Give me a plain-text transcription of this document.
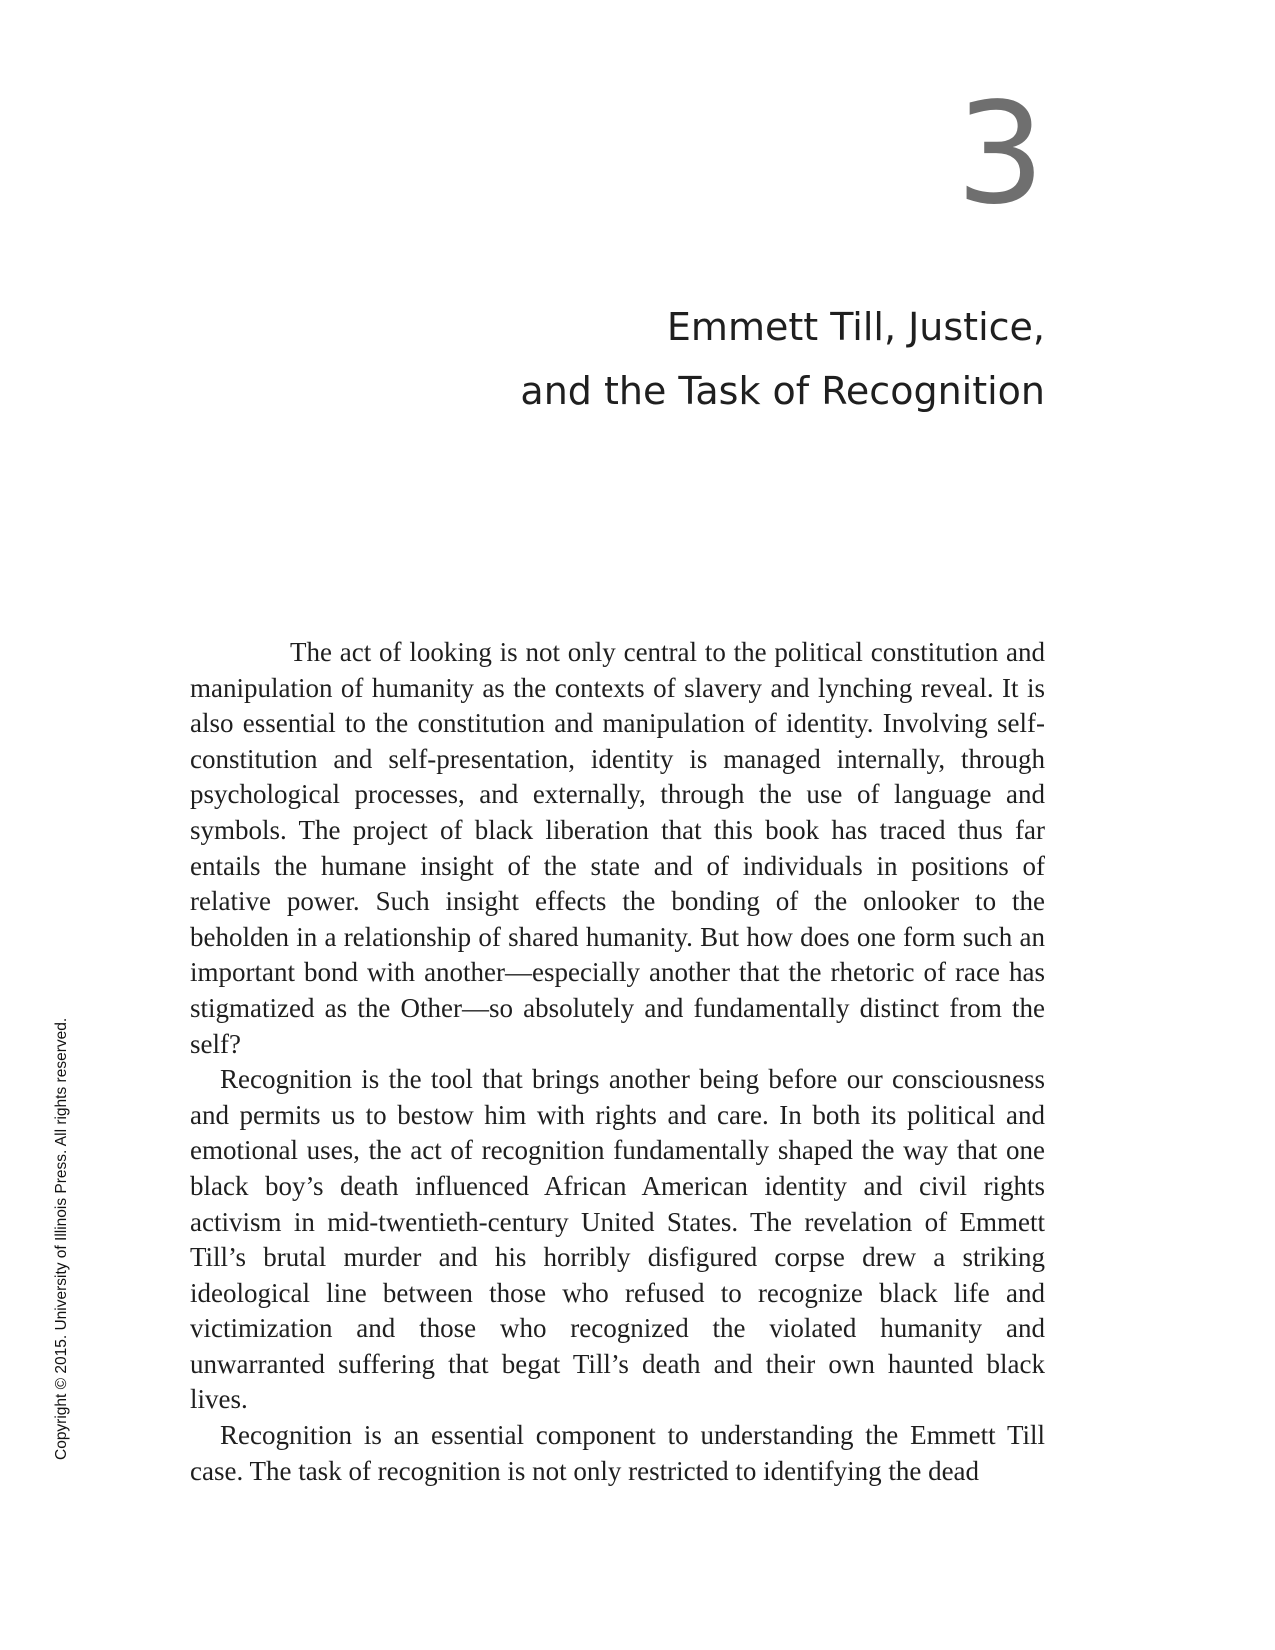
3
Emmett Till, Justice,
and the Task of Recognition

The act of looking is not only central to the political constitution and manipulation of humanity as the contexts of slavery and lynching reveal. It is also essential to the constitution and manipulation of identity. Involving self-constitution and self-presentation, identity is managed internally, through psychological processes, and externally, through the use of language and symbols. The project of black liberation that this book has traced thus far entails the humane insight of the state and of individuals in positions of relative power. Such insight effects the bonding of the onlooker to the beholden in a relationship of shared humanity. But how does one form such an important bond with another—especially another that the rhetoric of race has stigmatized as the Other—so absolutely and fundamentally distinct from the self?

Recognition is the tool that brings another being before our consciousness and permits us to bestow him with rights and care. In both its political and emotional uses, the act of recognition fundamentally shaped the way that one black boy’s death influenced African American identity and civil rights activism in mid-twentieth-century United States. The revelation of Emmett Till’s brutal murder and his horribly disfigured corpse drew a striking ideological line between those who refused to recognize black life and victimization and those who recognized the violated humanity and unwarranted suffering that begat Till’s death and their own haunted black lives.

Recognition is an essential component to understanding the Emmett Till case. The task of recognition is not only restricted to identifying the dead

Copyright © 2015. University of Illinois Press. All rights reserved.
